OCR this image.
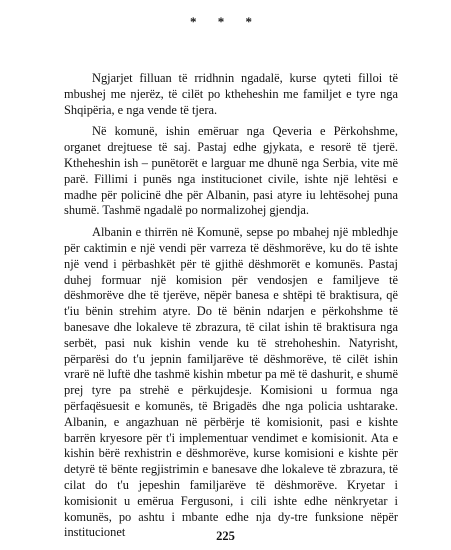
* * *

Ngjarjet filluan të rridhnin ngadalë, kurse qyteti filloi të mbushej me njerëz, të cilët po ktheheshin me familjet e tyre nga Shqipëria, e nga vende të tjera.

Në komunë, ishin emëruar nga Qeveria e Përkohshme, organet drejtuese të saj. Pastaj edhe gjykata, e resorë të tjerë. Ktheheshin ish – punëtorët e larguar me dhunë nga Serbia, vite më parë. Fillimi i punës nga institucionet civile, ishte një lehtësi e madhe për policinë dhe për Albanin, pasi atyre iu lehtësohej puna shumë. Tashmë ngadalë po normalizohej gjendja.

Albanin e thirrën në Komunë, sepse po mbahej një mbledhje për caktimin e një vendi për varreza të dëshmorëve, ku do të ishte një vend i përbashkët për të gjithë dëshmorët e komunës. Pastaj duhej formuar një komision për vendosjen e familjeve të dëshmorëve dhe të tjerëve, nëpër banesa e shtëpi të braktisura, që t'iu bënin strehim atyre. Do të bënin ndarjen e përkohshme të banesave dhe lokaleve të zbrazura, të cilat ishin të braktisura nga serbët, pasi nuk kishin vende ku të strehoheshin. Natyrisht, përparësi do t'u jepnin familjarëve të dëshmorëve, të cilët ishin vrarë në luftë dhe tashmë kishin mbetur pa më të dashurit, e shumë prej tyre pa strehë e përkujdesje. Komisioni u formua nga përfaqësuesit e komunës, të Brigadës dhe nga policia ushtarake. Albanin, e angazhuan në përbërje të komisionit, pasi e kishte barrën kryesore për t'i implementuar vendimet e komisionit. Ata e kishin bërë rexhistrin e dëshmorëve, kurse komisioni e kishte për detyrë të bënte regjistrimin e banesave dhe lokaleve të zbrazura, të cilat do t'u jepeshin familjarëve të dëshmorëve. Kryetar i komisionit u emërua Fergusoni, i cili ishte edhe nënkryetar i komunës, po ashtu i mbante edhe nja dy-tre funksione nëpër institucionet	225
